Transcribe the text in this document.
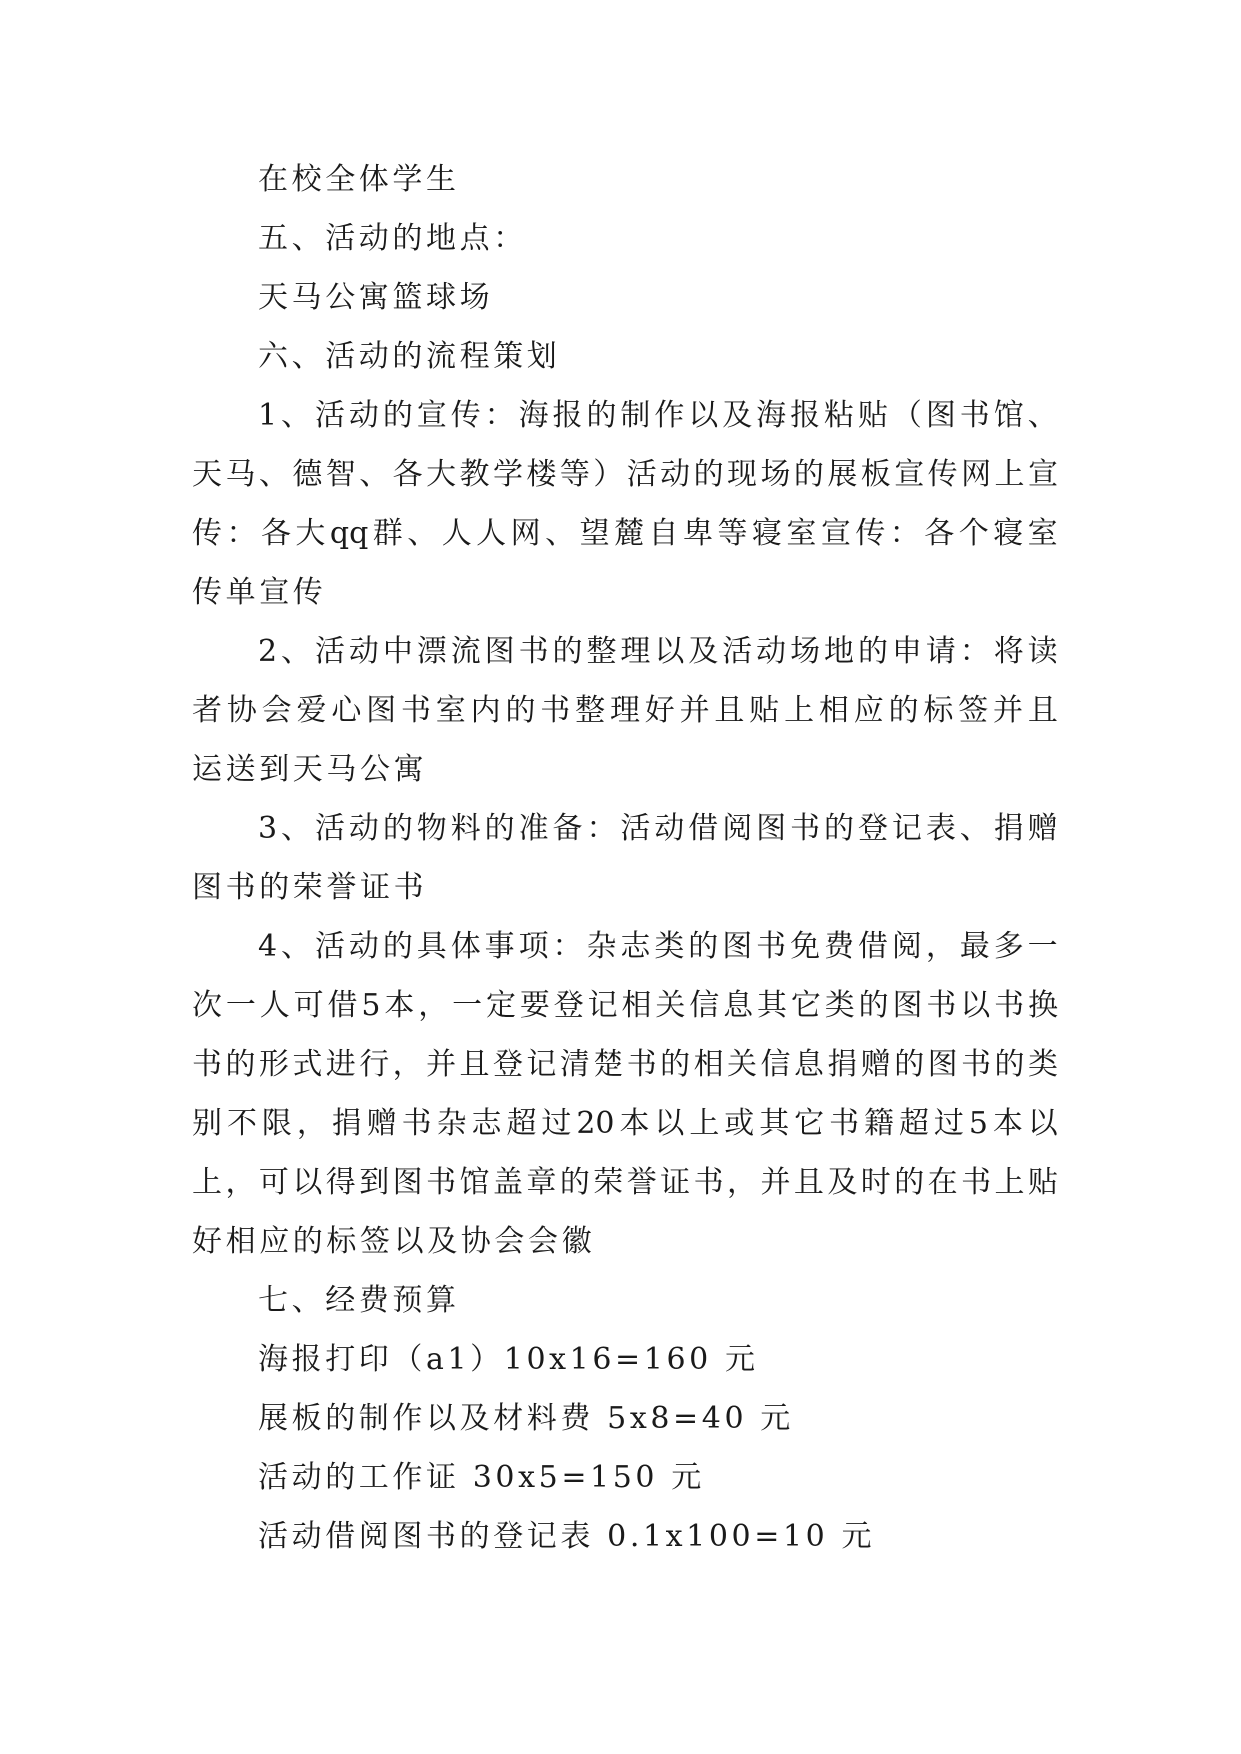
在校全体学生

五、活动的地点：

天马公寓篮球场

六、活动的流程策划

1 、 活 动 的 宣 传 ： 海 报 的 制 作 以 及 海 报 粘 贴 （ 图 书 馆 、

天 马 、 德 智 、 各 大 教 学 楼 等 ） 活 动 的 现 场 的 展 板 宣 传 网 上 宣

传 ： 各 大 qq 群 、 人 人 网 、 望 麓 自 卑 等 寝 室 宣 传 ： 各 个 寝 室

传单宣传

2 、 活 动 中 漂 流 图 书 的 整 理 以 及 活 动 场 地 的 申 请 ： 将 读

者 协 会 爱 心 图 书 室 内 的 书 整 理 好 并 且 贴 上 相 应 的 标 签 并 且

运送到天马公寓

3 、 活 动 的 物 料 的 准 备 ： 活 动 借 阅 图 书 的 登 记 表 、 捐 赠

图书的荣誉证书

4 、 活 动 的 具 体 事 项 ： 杂 志 类 的 图 书 免 费 借 阅 ， 最 多 一

次 一 人 可 借 5 本 ， 一 定 要 登 记 相 关 信 息 其 它 类 的 图 书 以 书 换

书 的 形 式 进 行 ， 并 且 登 记 清 楚 书 的 相 关 信 息 捐 赠 的 图 书 的 类

别 不 限 ， 捐 赠 书 杂 志 超 过 20 本 以 上 或 其 它 书 籍 超 过 5 本 以

上 ， 可 以 得 到 图 书 馆 盖 章 的 荣 誉 证 书 ， 并 且 及 时 的 在 书 上 贴

好相应的标签以及协会会徽

七、经费预算

海报打印（a1）10x16=160 元

展板的制作以及材料费 5x8=40 元

活动的工作证 30x5=150 元

活动借阅图书的登记表 0.1x100=10 元
